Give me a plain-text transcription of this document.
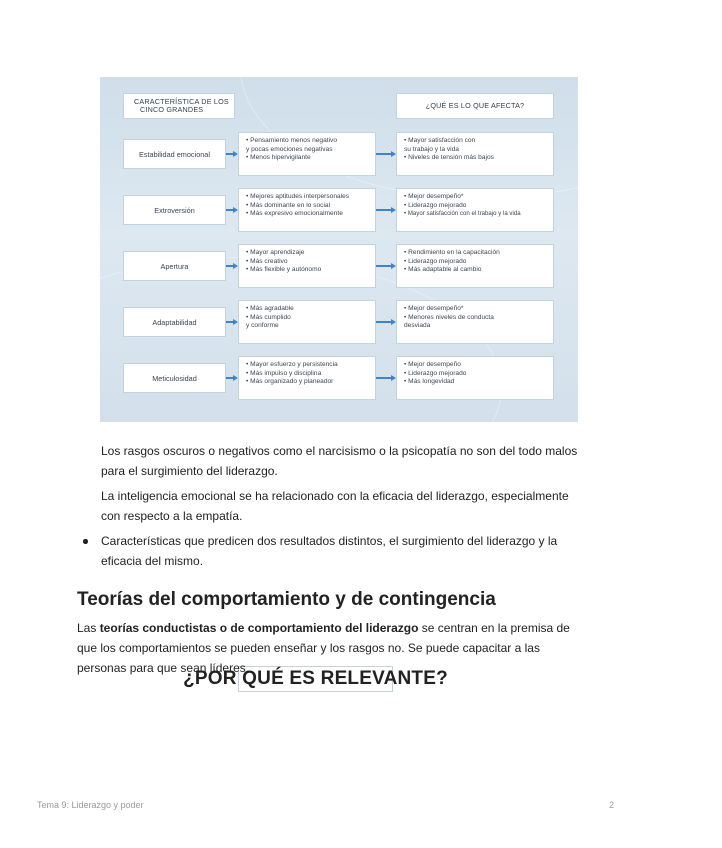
CARACTERÍSTICA DE LOS
CINCO GRANDES
¿POR QUÉ ES RELEVANTE?
¿QUÉ ES LO QUE AFECTA?
Estabilidad emocional
• Pensamiento menos negativo
y pocas emociones negativas
• Menos hipervigilante
• Mayor satisfacción con
su trabajo y la vida
• Niveles de tensión más bajos
Extroversión
• Mejores aptitudes interpersonales
• Más dominante en lo social
• Más expresivo emocionalmente
• Mejor desempeño*
• Liderazgo mejorado
• Mayor satisfacción con el trabajo y la vida
Apertura
• Mayor aprendizaje
• Más creativo
• Más flexible y autónomo
• Rendimiento en la capacitación
• Liderazgo mejorado
• Más adaptable al cambio
Adaptabilidad
• Más agradable
• Más cumplido
y conforme
• Mejor desempeño*
• Menores niveles de conducta
desviada
Meticulosidad
• Mayor esfuerzo y persistencia
• Más impulso y disciplina
• Más organizado y planeador
• Mejor desempeño
• Liderazgo mejorado
• Más longevidad
Los rasgos oscuros o negativos como el narcisismo o la psicopatía no son del todo malos para el surgimiento del liderazgo.
La inteligencia emocional se ha relacionado con la eficacia del liderazgo, especialmente con respecto a la empatía.
Características que predicen dos resultados distintos, el surgimiento del liderazgo y la eficacia del mismo.
Teorías del comportamiento y de contingencia
Las teorías conductistas o de comportamiento del liderazgo se centran en la premisa de que los comportamientos se pueden enseñar y los rasgos no. Se puede capacitar a las personas para que sean líderes.
Tema 9: Liderazgo y poder	2
